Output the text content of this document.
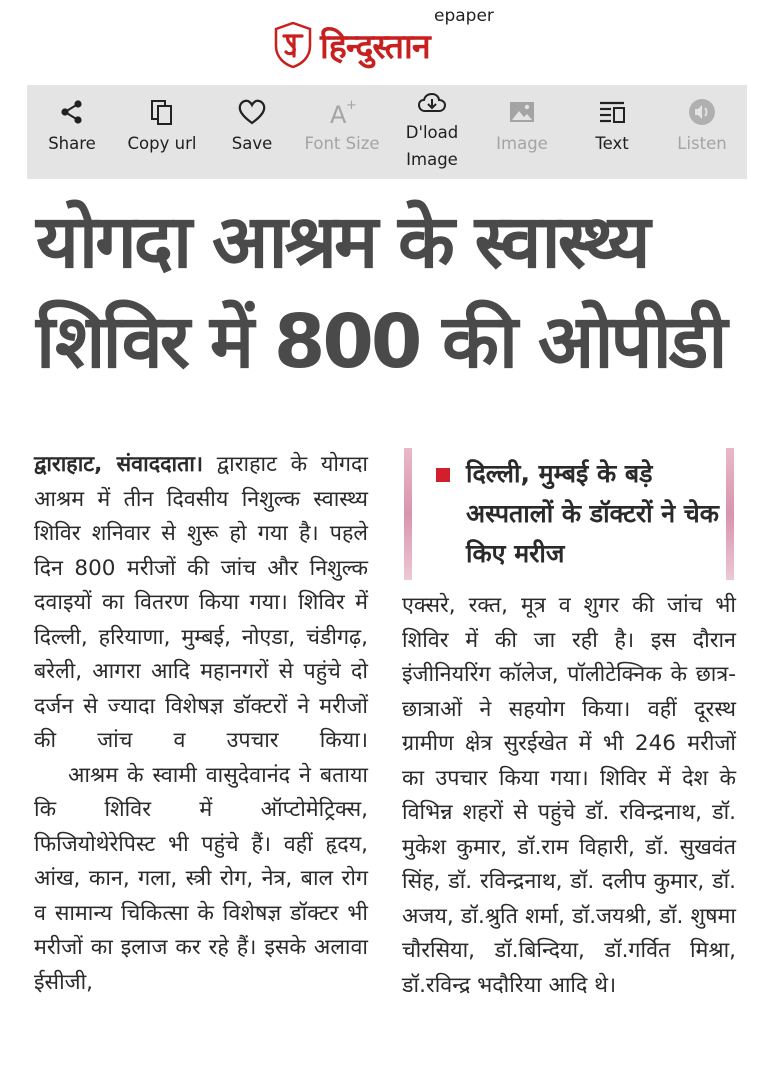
हिन्दुस्तान
epaper
Share Copy url Save
A +
Font Size
D'load
Image
Image	Text	Listen
योगदा आश्रम के स्वास्थ्य
शिविर में 800 की ओपीडी

द्वाराहाट, संवाददाता। द्वाराहाट के योगदा आश्रम में तीन दिवसीय निशुल्क स्वास्थ्य शिविर शनिवार से शुरू हो गया है। पहले दिन 800 मरीजों की जांच और निशुल्क दवाइयों का वितरण किया गया। शिविर में दिल्ली, हरियाणा, मुम्बई, नोएडा, चंडीगढ़, बरेली, आगरा आदि महानगरों से पहुंचे दो दर्जन से ज्यादा विशेषज्ञ डॉक्टरों ने मरीजों की जांच व उपचार किया।

आश्रम के स्वामी वासुदेवानंद ने बताया कि शिविर में ऑप्टोमेट्रिक्स, फिजियोथेरेपिस्ट भी पहुंचे हैं। वहीं हृदय, आंख, कान, गला, स्त्री रोग, नेत्र, बाल रोग व सामान्य चिकित्सा के विशेषज्ञ डॉक्टर भी मरीजों का इलाज कर रहे हैं। इसके अलावा ईसीजी,

दिल्ली, मुम्बई के बड़े अस्पतालों के डॉक्टरों ने चेक किए मरीज

एक्सरे, रक्त, मूत्र व शुगर की जांच भी शिविर में की जा रही है। इस दौरान इंजीनियरिंग कॉलेज, पॉलीटेक्निक के छात्र-छात्राओं ने सहयोग किया। वहीं दूरस्थ ग्रामीण क्षेत्र सुरईखेत में भी 246 मरीजों का उपचार किया गया। शिविर में देश के विभिन्न शहरों से पहुंचे डॉ. रविन्द्रनाथ, डॉ. मुकेश कुमार, डॉ.राम विहारी, डॉ. सुखवंत सिंह, डॉ. रविन्द्रनाथ, डॉ. दलीप कुमार, डॉ. अजय, डॉ.श्रुति शर्मा, डॉ.जयश्री, डॉ. शुषमा चौरसिया, डॉ.बिन्दिया, डॉ.गर्वित मिश्रा, डॉ.रविन्द्र भदौरिया आदि थे।
